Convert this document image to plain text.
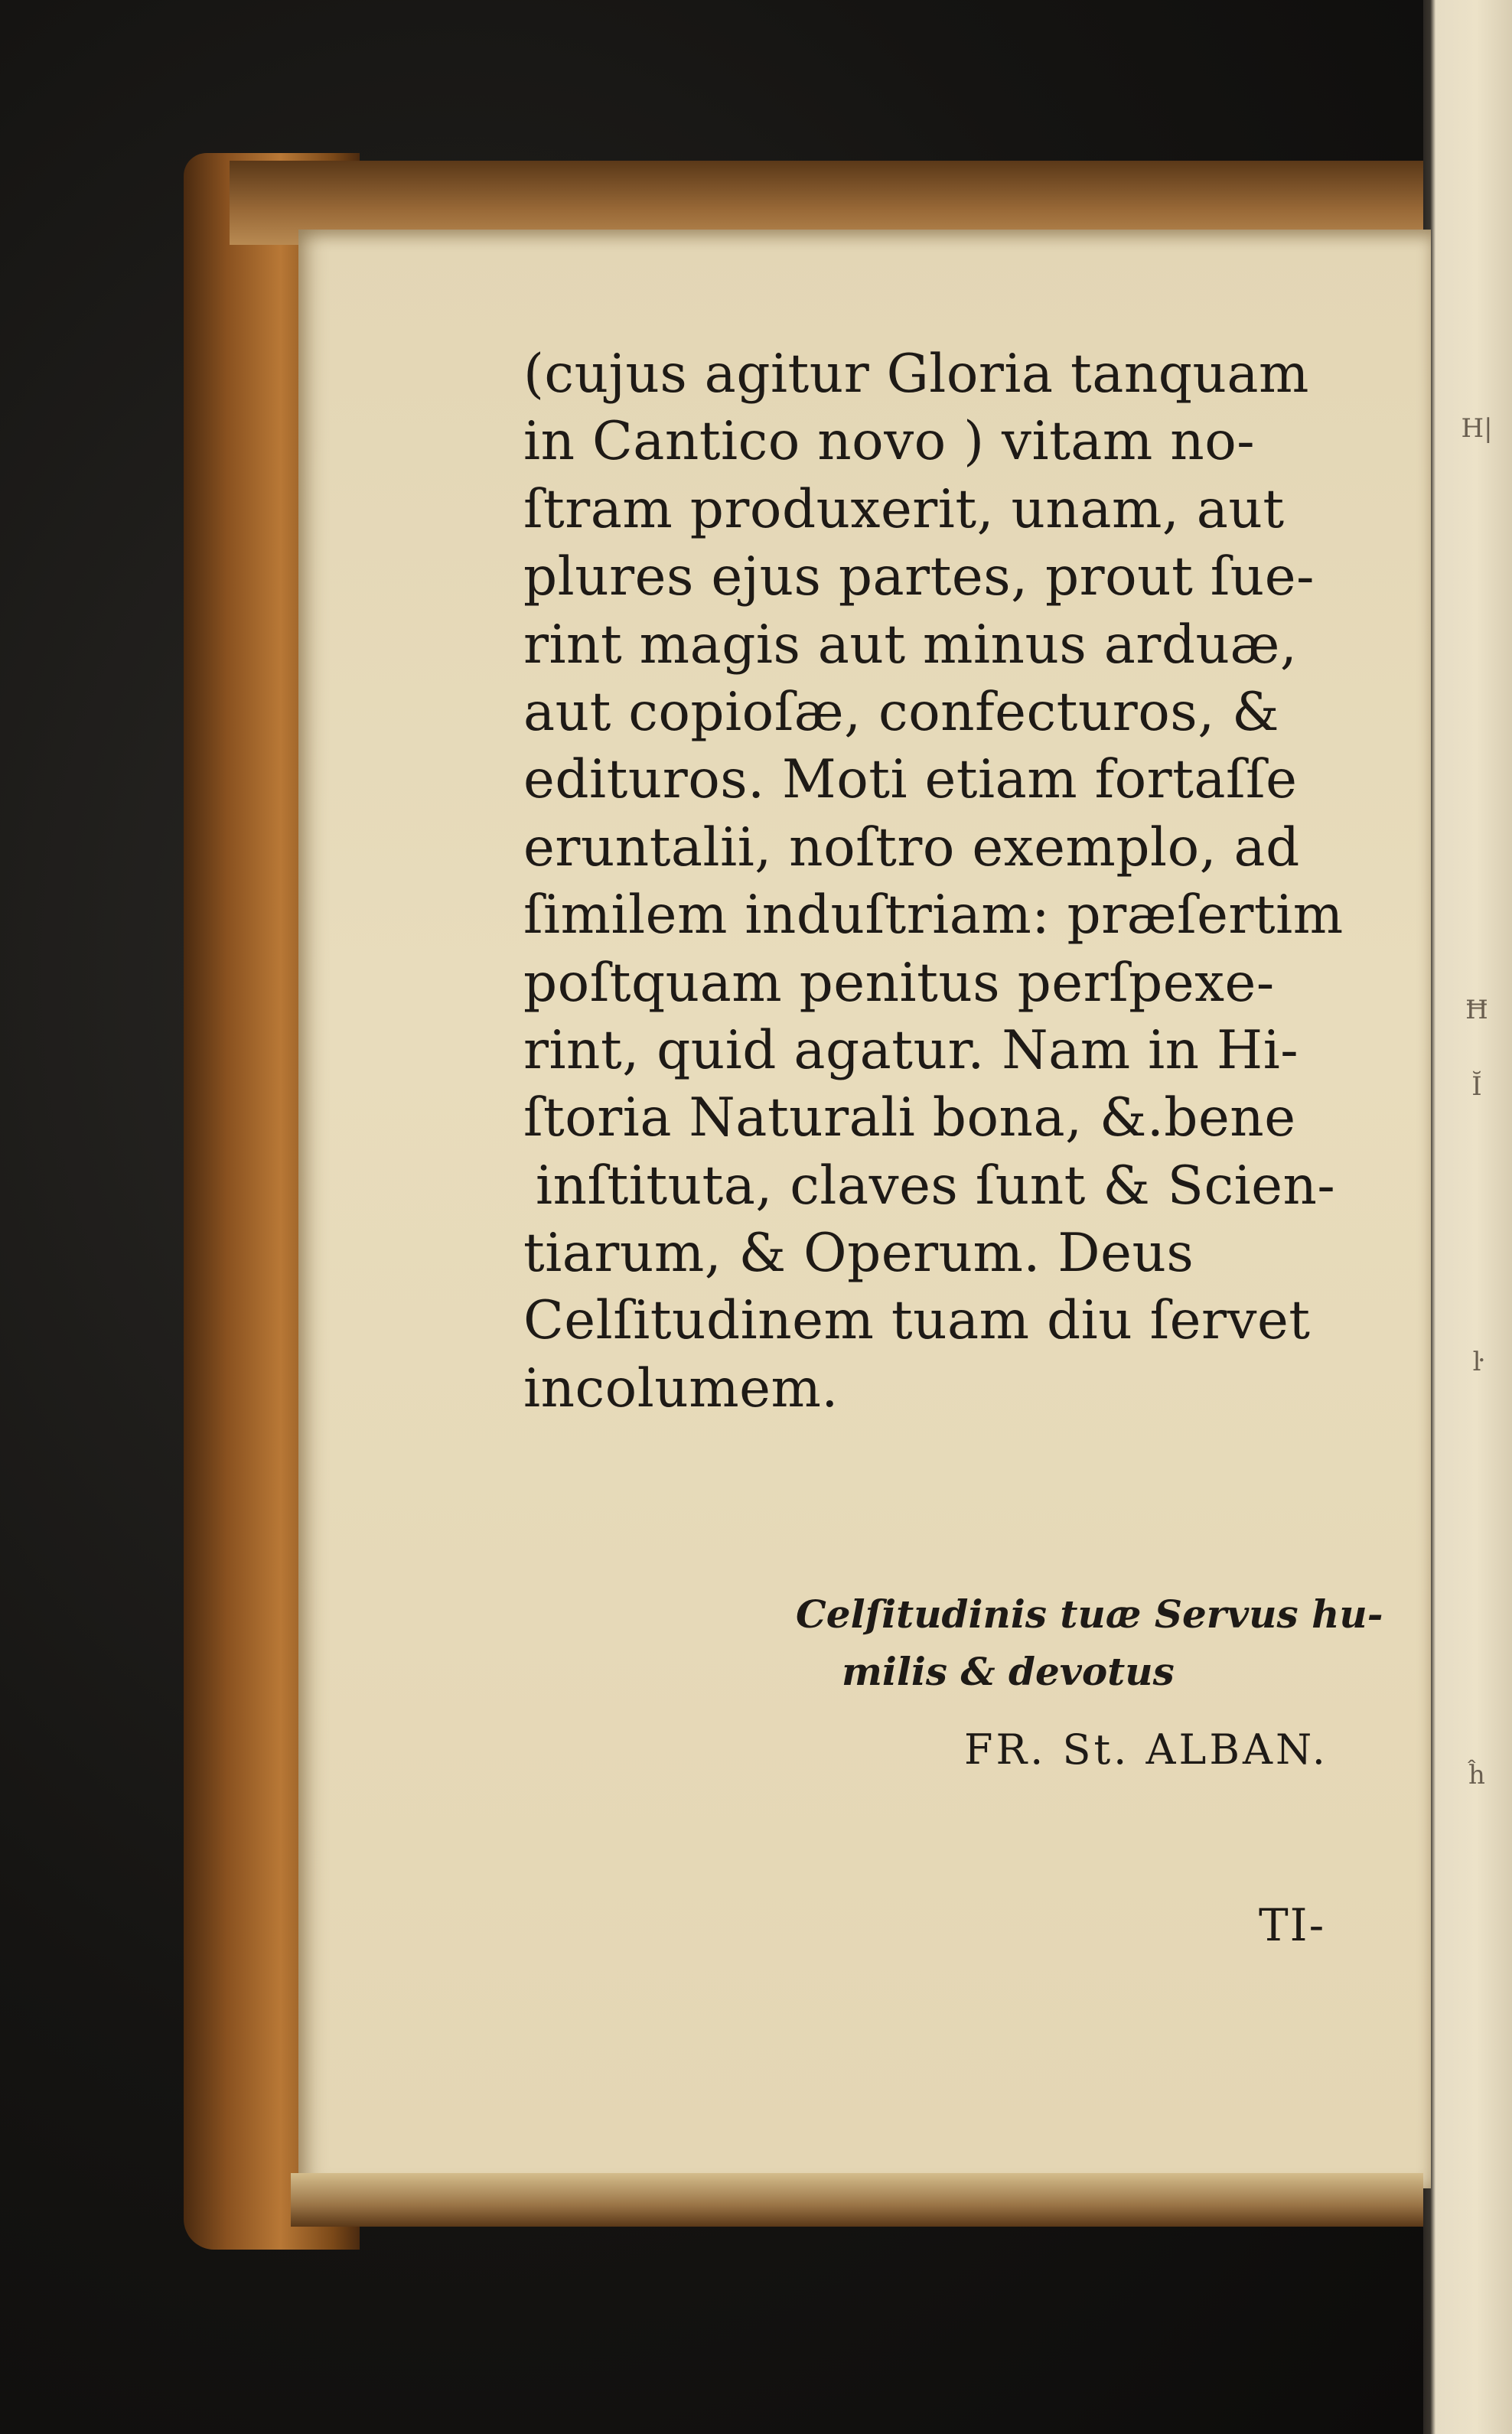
H|
Ħ
Ĭ
ŀ
ĥ
(cujus agitur Gloria tanquam
in Cantico novo ) vitam no-
ſtram produxerit, unam, aut
plures ejus partes, prout ſue-
rint magis aut minus arduæ,
aut copioſæ, confecturos, &
edituros. Moti etiam fortaſſe
eruntalii, noſtro exemplo, ad
ſimilem induſtriam: præſertim
poſtquam penitus perſpexe-
rint, quid agatur. Nam in Hi-
ſtoria Naturali bona, &.bene
inſtituta, claves ſunt & Scien-
tiarum, & Operum. Deus
Celſitudinem tuam diu ſervet
incolumem.
Celſitudinis tuæ Servus hu-
milis & devotus
FR. St. ALBAN.
TI-
